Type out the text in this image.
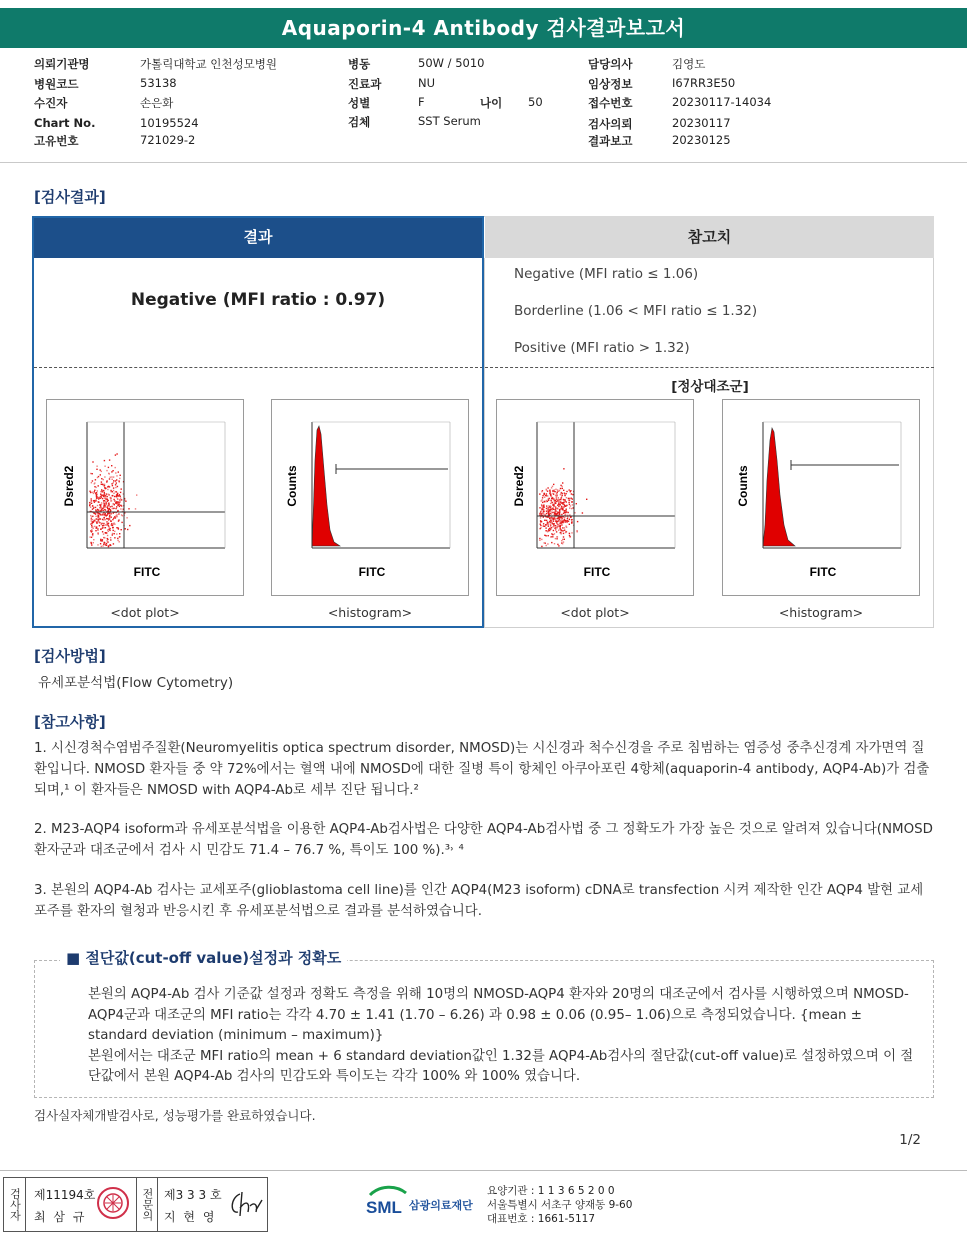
Aquaporin-4 Antibody 검사결과보고서
의뢰기관명	가톨릭대학교 인천성모병원
병원코드	53138
수진자	손은화
Chart No.	10195524
고유번호	721029-2
병동	50W / 5010
진료과	NU
성별	F	나이 50
검체	SST Serum
담당의사	김영도
임상정보	I67RR3E50
접수번호	20230117-14034
검사의뢰	20230117
결과보고	20230125
[검사결과]
결과	참고치
Negative (MFI ratio : 0.97)
Negative (MFI ratio ≤ 1.06)
Borderline (1.06 < MFI ratio ≤ 1.32)
Positive (MFI ratio > 1.32)
[정상대조군]
Dsred2
FITC
<dot plot>
Counts
FITC
<histogram>
Dsred2
FITC
<dot plot>
Counts
FITC
<histogram>
[검사방법]
유세포분석법(Flow Cytometry)
[참고사항]
1. 시신경척수염범주질환(Neuromyelitis optica spectrum disorder, NMOSD)는 시신경과 척수신경을 주로 침범하는 염증성 중추신경계 자가면역 질환입니다. NMOSD 환자들 중 약 72%에서는 혈액 내에 NMOSD에 대한 질병 특이 항체인 아쿠아포린 4항체(aquaporin-4 antibody, AQP4-Ab)가 검출되며,¹ 이 환자들은 NMOSD with AQP4-Ab로 세부 진단 됩니다.²
2. M23-AQP4 isoform과 유세포분석법을 이용한 AQP4-Ab검사법은 다양한 AQP4-Ab검사법 중 그 정확도가 가장 높은 것으로 알려져 있습니다(NMOSD환자군과 대조군에서 검사 시 민감도 71.4 – 76.7 %, 특이도 100 %).³˒ ⁴
3. 본원의 AQP4-Ab 검사는 교세포주(glioblastoma cell line)를 인간 AQP4(M23 isoform) cDNA로 transfection 시켜 제작한 인간 AQP4 발현 교세포주를 환자의 혈청과 반응시킨 후 유세포분석법으로 결과를 분석하였습니다.
■ 절단값(cut-off value)설정과 정확도
본원의 AQP4-Ab 검사 기준값 설정과 정확도 측정을 위해 10명의 NMOSD-AQP4 환자와 20명의 대조군에서 검사를 시행하였으며 NMOSD-AQP4군과 대조군의 MFI ratio는 각각 4.70 ± 1.41 (1.70 – 6.26) 과 0.98 ± 0.06 (0.95– 1.06)으로 측정되었습니다. {mean ± standard deviation (minimum – maximum)}
본원에서는 대조군 MFI ratio의 mean + 6 standard deviation값인 1.32를 AQP4-Ab검사의 절단값(cut-off value)로 설정하였으며 이 절단값에서 본원 AQP4-Ab 검사의 민감도와 특이도는 각각 100% 와 100% 였습니다.
검사실자체개발검사로, 성능평가를 완료하였습니다.
1/2
검사자	제11194호
최 삼 규	전문의 제3 3 3 호
지 현 영	SML 삼광의료재단
요양기관 : 1 1 3 6 5 2 0 0
서울특별시 서초구 양재동 9-60
대표번호 : 1661-5117
